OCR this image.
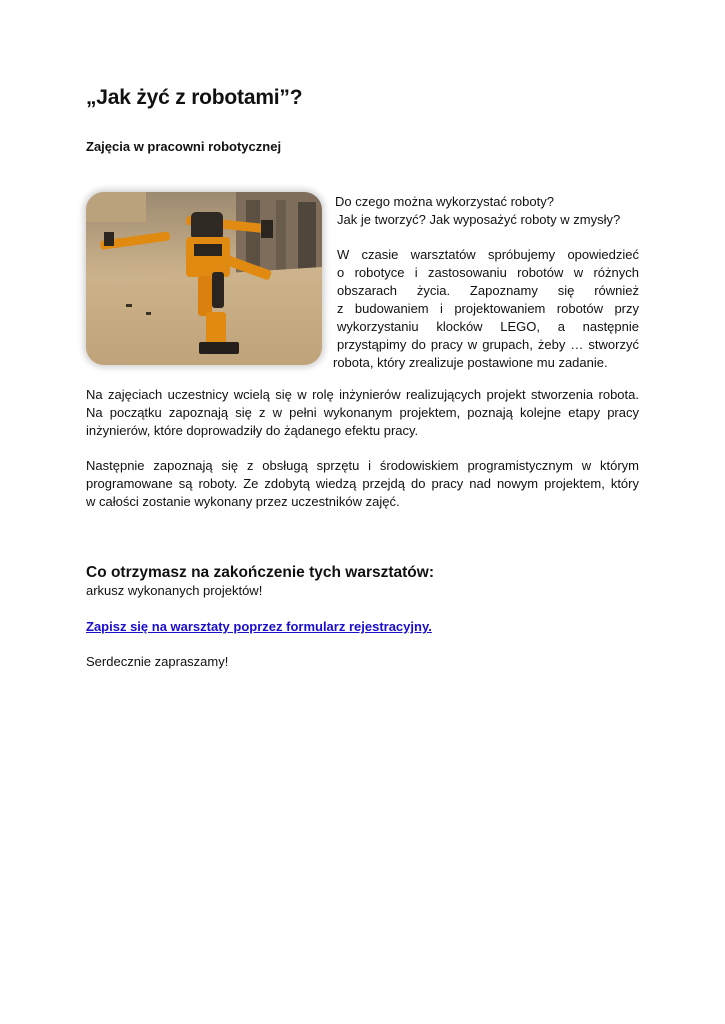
„Jak żyć z robotami”?
Zajęcia w pracowni robotycznej

Do czego można wykorzystać roboty?

Jak je tworzyć? Jak wyposażyć roboty w zmysły?

W czasie warsztatów spróbujemy opowiedzieć
o robotyce i zastosowaniu robotów w różnych
obszarach życia. Zapoznamy się również
z budowaniem i projektowaniem robotów przy
wykorzystaniu klocków LEGO, a następnie
przystąpimy do pracy w grupach, żeby … stworzyć
robota, który zrealizuje postawione mu zadanie.
Na zajęciach uczestnicy wcielą się w rolę inżynierów realizujących projekt stworzenia robota.
Na początku zapoznają się z w pełni wykonanym projektem, poznają kolejne etapy pracy
inżynierów, które doprowadziły do żądanego efektu pracy.
Następnie zapoznają się z obsługą sprzętu i środowiskiem programistycznym w którym
programowane są roboty. Ze zdobytą wiedzą przejdą do pracy nad nowym projektem, który
w całości zostanie wykonany przez uczestników zajęć.
Co otrzymasz na zakończenie tych warsztatów:

arkusz wykonanych projektów!

Zapisz się na warsztaty poprzez formularz rejestracyjny.

Serdecznie zapraszamy!
